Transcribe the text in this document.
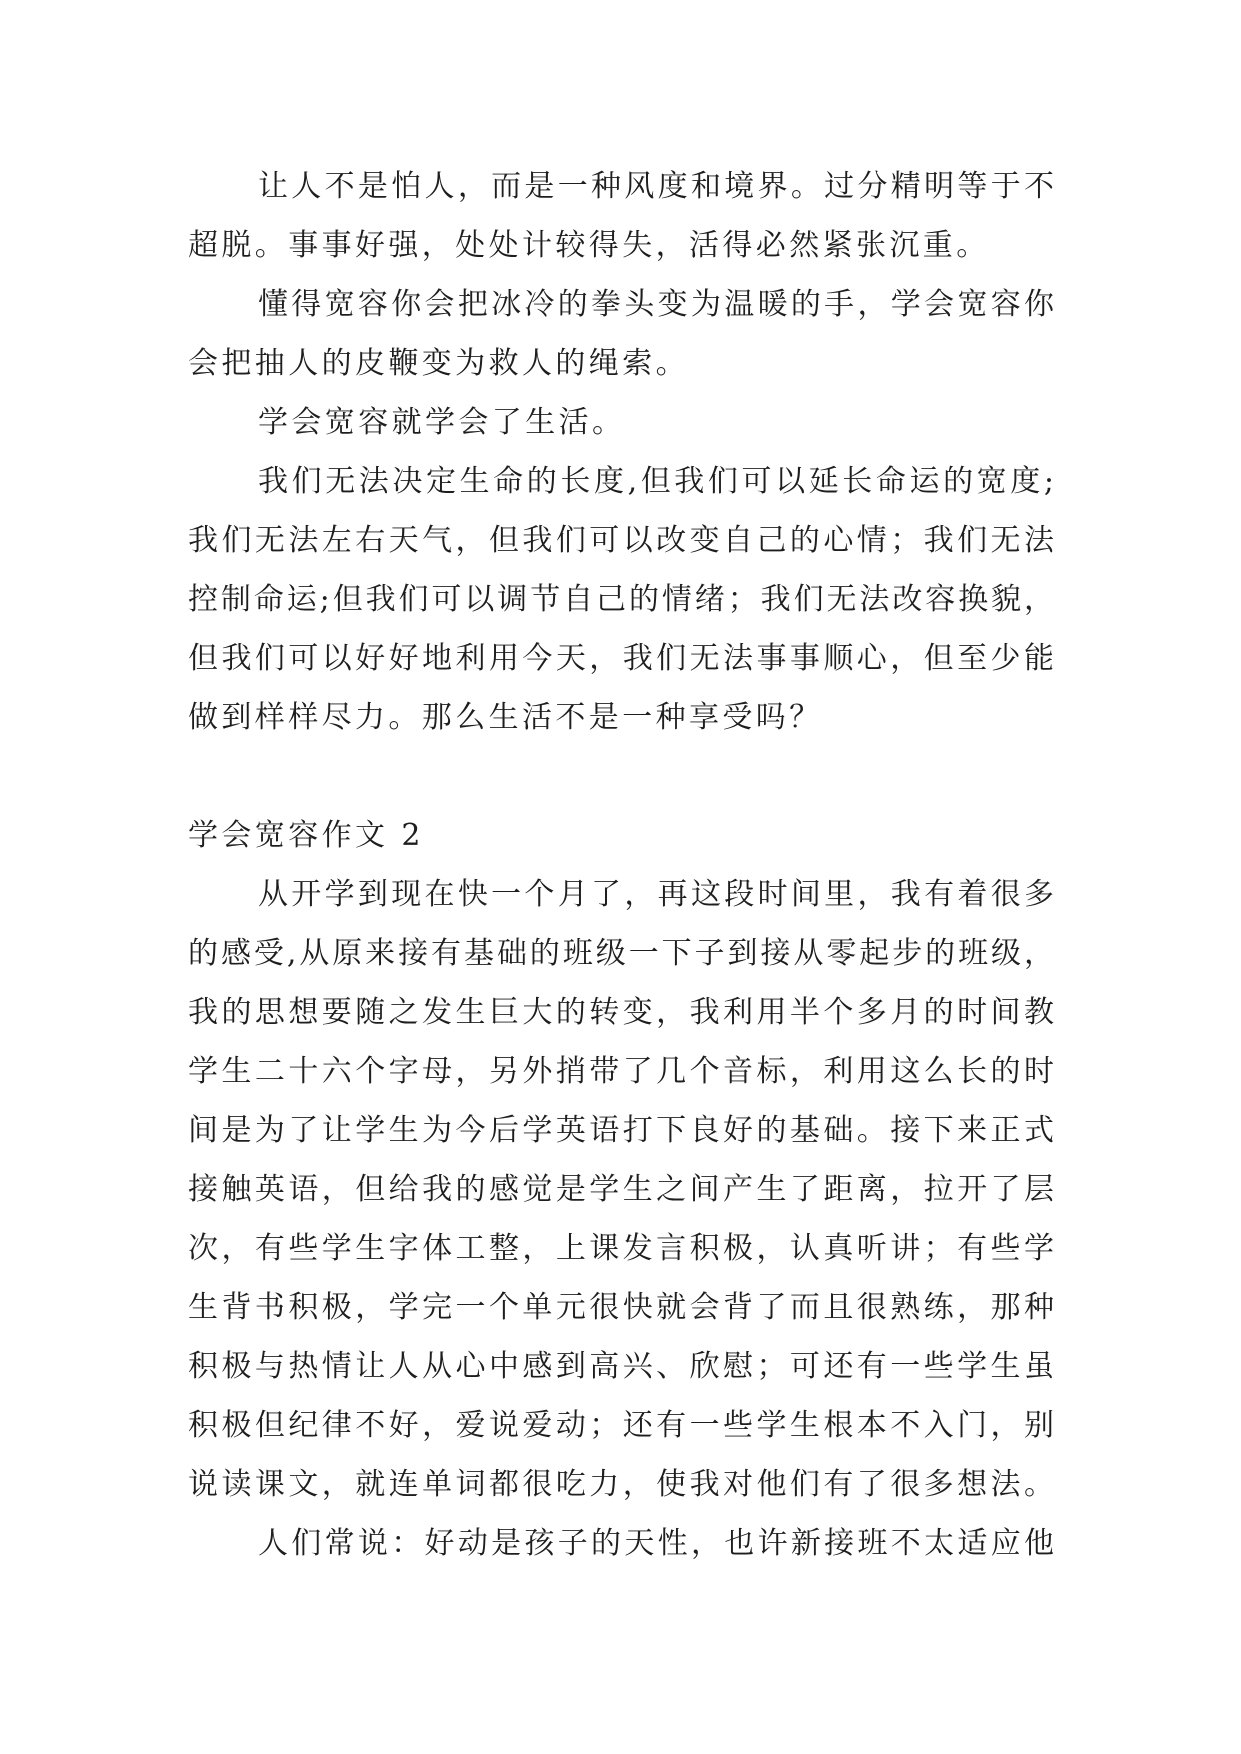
让人不是怕人，而是一种风度和境界。过分精明等于不
超脱。事事好强，处处计较得失，活得必然紧张沉重。
懂得宽容你会把冰冷的拳头变为温暖的手，学会宽容你
会把抽人的皮鞭变为救人的绳索。
学会宽容就学会了生活。
我们无法决定生命的长度,但我们可以延长命运的宽度;
我们无法左右天气，但我们可以改变自己的心情；我们无法
控制命运;但我们可以调节自己的情绪；我们无法改容换貌，
但我们可以好好地利用今天，我们无法事事顺心，但至少能
做到样样尽力。那么生活不是一种享受吗？
学会宽容作文 2
从开学到现在快一个月了，再这段时间里，我有着很多
的感受,从原来接有基础的班级一下子到接从零起步的班级，
我的思想要随之发生巨大的转变，我利用半个多月的时间教
学生二十六个字母，另外捎带了几个音标，利用这么长的时
间是为了让学生为今后学英语打下良好的基础。接下来正式
接触英语，但给我的感觉是学生之间产生了距离，拉开了层
次，有些学生字体工整，上课发言积极，认真听讲；有些学
生背书积极，学完一个单元很快就会背了而且很熟练，那种
积极与热情让人从心中感到高兴、欣慰；可还有一些学生虽
积极但纪律不好，爱说爱动；还有一些学生根本不入门，别
说读课文，就连单词都很吃力，使我对他们有了很多想法。
人们常说：好动是孩子的天性，也许新接班不太适应他
